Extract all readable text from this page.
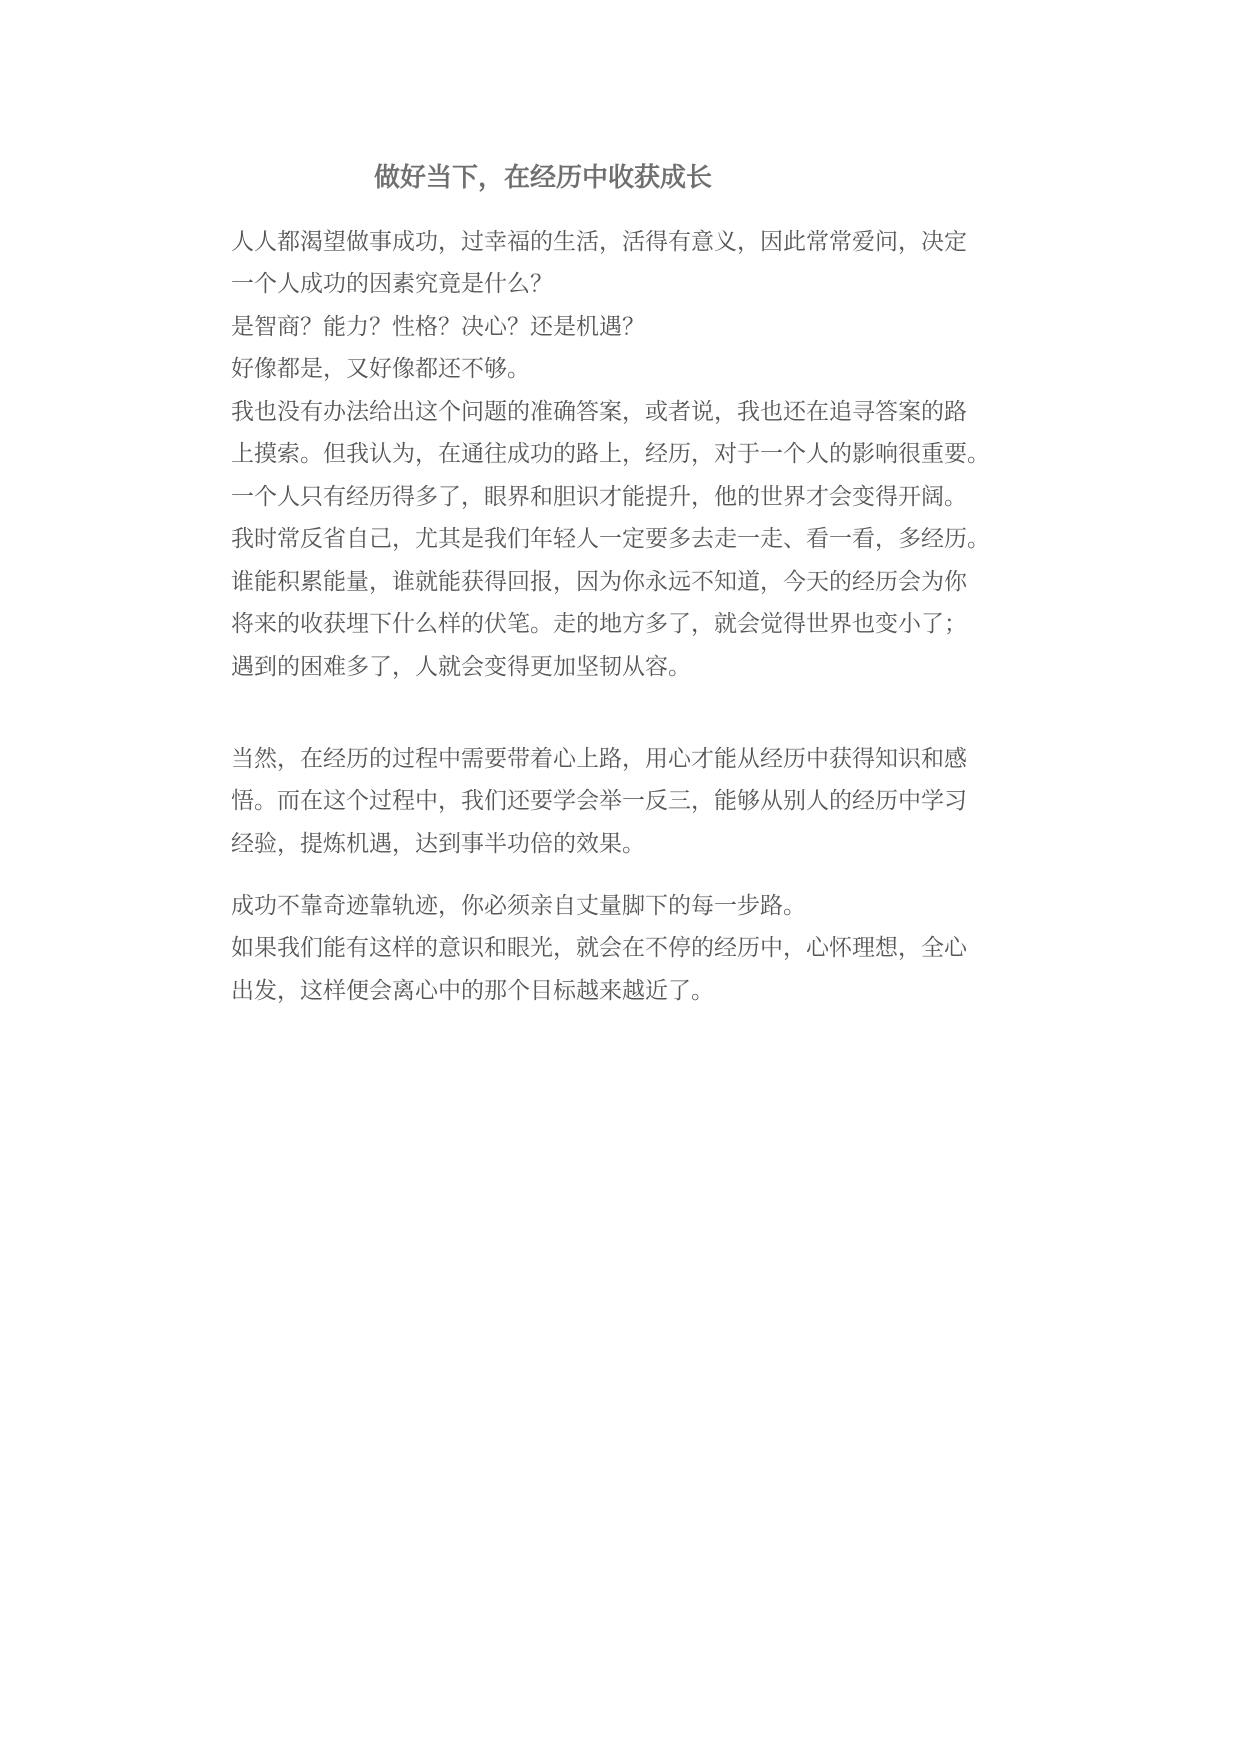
做好当下，在经历中收获成长
人人都渴望做事成功，过幸福的生活，活得有意义，因此常常爱问，决定
一个人成功的因素究竟是什么？
是智商？能力？性格？决心？还是机遇？
好像都是，又好像都还不够。
我也没有办法给出这个问题的准确答案，或者说，我也还在追寻答案的路
上摸索。但我认为，在通往成功的路上，经历，对于一个人的影响很重要。
一个人只有经历得多了，眼界和胆识才能提升，他的世界才会变得开阔。
我时常反省自己，尤其是我们年轻人一定要多去走一走、看一看，多经历。
谁能积累能量，谁就能获得回报，因为你永远不知道，今天的经历会为你
将来的收获埋下什么样的伏笔。走的地方多了，就会觉得世界也变小了；
遇到的困难多了，人就会变得更加坚韧从容。
当然，在经历的过程中需要带着心上路，用心才能从经历中获得知识和感
悟。而在这个过程中，我们还要学会举一反三，能够从别人的经历中学习
经验，提炼机遇，达到事半功倍的效果。
成功不靠奇迹靠轨迹，你必须亲自丈量脚下的每一步路。
如果我们能有这样的意识和眼光，就会在不停的经历中，心怀理想，全心
出发，这样便会离心中的那个目标越来越近了。
